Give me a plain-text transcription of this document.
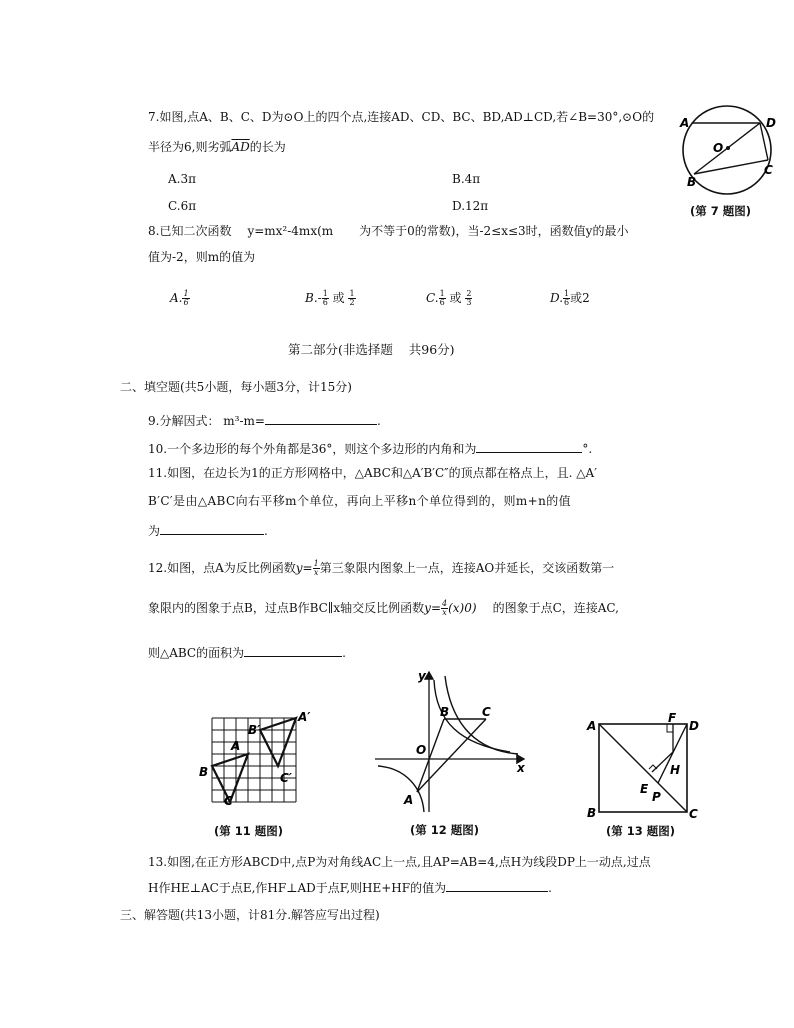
7.如图,点A、B、C、D为⊙O上的四个点,连接AD、CD、BC、BD,AD⊥CD,若∠B=30°,⊙O的
半径为6,则劣弧$\overline{AD}$的长为
A.3π	B.4π
C.6π	D.12π
A	D
O
B
C
(第 7 题图)
8.已知二次函数 y=mx²-4mx(m 为不等于0的常数)，当-2≤x≤3时，函数值y的最小
值为-2，则m的值为
A. $\frac{1}{6}$	$B.- \frac{1}{6}$ 或 $\frac{1}{2}$	C. $\frac{1}{6}$ 或 $\frac{2}{3}$	D. $\frac{1}{6}$ 或2
第二部分(非选择题    共96分)
二、填空题(共5小题，每小题3分，计15分)
9.分解因式： m³-m=	.
10.一个多边形的每个外角都是36°，则这个多边形的内角和为	°.
11.如图，在边长为1的正方形网格中，△ABC和△A′B′C″的顶点都在格点上，且. △A′
B′C′是由△ABC向右平移m个单位，再向上平移n个单位得到的，则m+n的值
为	.
12.如图，点A为反比例函数$y= \frac{1}{x}$ 第三象限内图象上一点，连接AO并延长，交该函数第一
象限内的图象于点B，过点B作BC∥x轴交反比例函数$y= \frac{4}{x} (x)0$) 的图象于点C，连接AC,
则△ABC的面积为	.
B
A
C
B′
A′
C′
(第 11 题图)
y
x
O
B	C
A
(第 12 题图)
A
B	C
D
F
H
E
P
(第 13 题图)
13.如图,在正方形ABCD中,点P为对角线AC上一点,且AP=AB=4,点H为线段DP上一动点,过点
H作HE⊥AC于点E,作HF⊥AD于点F,则HE+HF的值为	.
三、解答题(共13小题，计81分.解答应写出过程)
